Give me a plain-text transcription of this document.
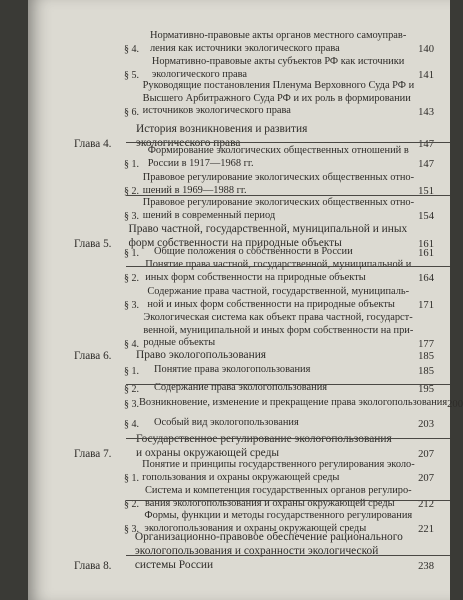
§ 4.
Нормативно-правовые акты органов местного самоуправ-
ления как источники экологического права	140
§ 5.
Нормативно-правовые акты субъектов РФ как источники
экологического права	141
§ 6.
Руководящие постановления Пленума Верховного Суда РФ и
Высшего Арбитражного Суда РФ и их роль в формировании
источников экологического права	143
Глава 4.
История возникновения и развития
экологического права	147
§ 1.
Формирование экологических общественных отношений в
России в 1917—1968 гг.	147
§ 2.
Правовое регулирование экологических общественных отно-
шений в 1969—1988 гг.	151
§ 3.
Правовое регулирование экологических общественных отно-
шений в современный период	154
Глава 5.
Право частной, государственной, муниципальной и иных
форм собственности на природные объекты	161
§ 1.	Общие положения о собственности в России	161
§ 2.
Понятие права частной, государственной, муниципальной и
иных форм собственности на природные объекты	164
§ 3.
Содержание права частной, государственной, муниципаль-
ной и иных форм собственности на природные объекты	171
§ 4.
Экологическая система как объект права частной, государст-
венной, муниципальной и иных форм собственности на при-
родные объекты	177
Глава 6.	Право экологопользования	185
§ 1.	Понятие права экологопользования	185
§ 2.	Содержание права экологопользования	195
§ 3. Возникновение, изменение и прекращение права экологопользования 200
§ 4.	Особый вид экологопользования	203
Глава 7.
Государственное регулирование экологопользования
и охраны окружающей среды	207
§ 1.
Понятие и принципы государственного регулирования эколо-
гопользования и охраны окружающей среды	207
§ 2.
Система и компетенция государственных органов регулиро-
вания экологопользования и охраны окружающей среды	212
§ 3.
Формы, функции и методы государственного регулирования
экологопользования и охраны окружающей среды	221
Глава 8.
Организационно-правовое обеспечение рационального
экологопользования и сохранности экологической
системы России	238
